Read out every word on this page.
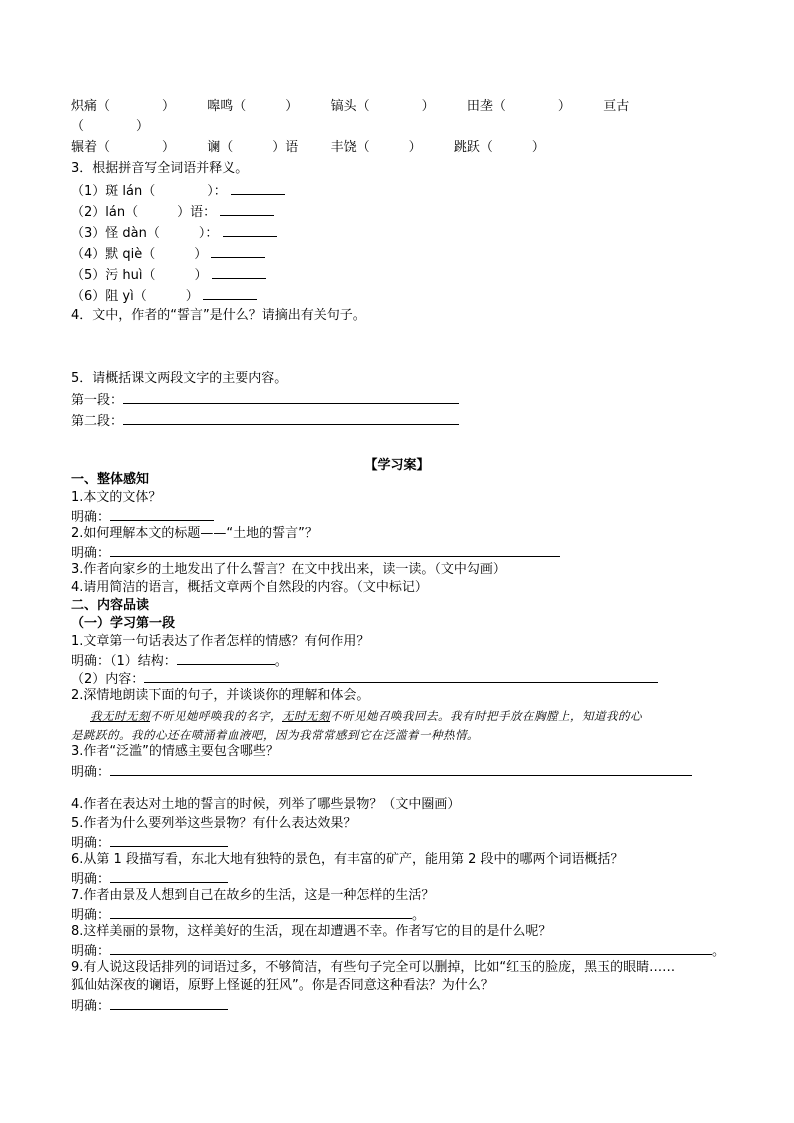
炽痛（　　　　） 嗥鸣（　　　） 镐头（　　　　） 田垄（　　　　） 亘古
（　　　　）
辗着（　　　　） 谰（　　　）语 丰饶（　　　） 跳跃（　　　）
3．根据拼音写全词语并释义。
（1）斑 lán（　　　　）：
（2）lán（　　　）语：
（3）怪 dàn（　　　）：
（4）默 qiè（　　　）
（5）污 huì（　　　）
（6）阻 yì（　　　）
4．文中，作者的“誓言”是什么？请摘出有关句子。
5．请概括课文两段文字的主要内容。
第一段：
第二段：
【学习案】
一、整体感知
1.本文的文体？
明确：
2.如何理解本文的标题——“土地的誓言”？
明确：
3.作者向家乡的土地发出了什么誓言？在文中找出来，读一读。（文中勾画）
4.请用简洁的语言，概括文章两个自然段的内容。（文中标记）
二、内容品读
（一）学习第一段
1.文章第一句话表达了作者怎样的情感？有何作用？
明确：（1）结构：	。
（2）内容：
2.深情地朗读下面的句子，并谈谈你的理解和体会。
我无时无刻不听见她呼唤我的名字，无时无刻不听见她召唤我回去。我有时把手放在胸膛上，知道我的心
是跳跃的。我的心还在喷涌着血液吧，因为我常常感到它在泛滥着一种热情。
3.作者“泛滥”的情感主要包含哪些？
明确：
4.作者在表达对土地的誓言的时候，列举了哪些景物？（文中圈画）
5.作者为什么要列举这些景物？有什么表达效果？
明确：
6.从第 1 段描写看，东北大地有独特的景色，有丰富的矿产，能用第 2 段中的哪两个词语概括？
明确：
7.作者由景及人想到自己在故乡的生活，这是一种怎样的生活？
明确：	。
8.这样美丽的景物，这样美好的生活，现在却遭遇不幸。作者写它的目的是什么呢？
明确：	。
9.有人说这段话排列的词语过多，不够简洁，有些句子完全可以删掉，比如“红玉的脸庞，黑玉的眼睛……
狐仙姑深夜的谰语，原野上怪诞的狂风”。你是否同意这种看法？为什么？
明确：
